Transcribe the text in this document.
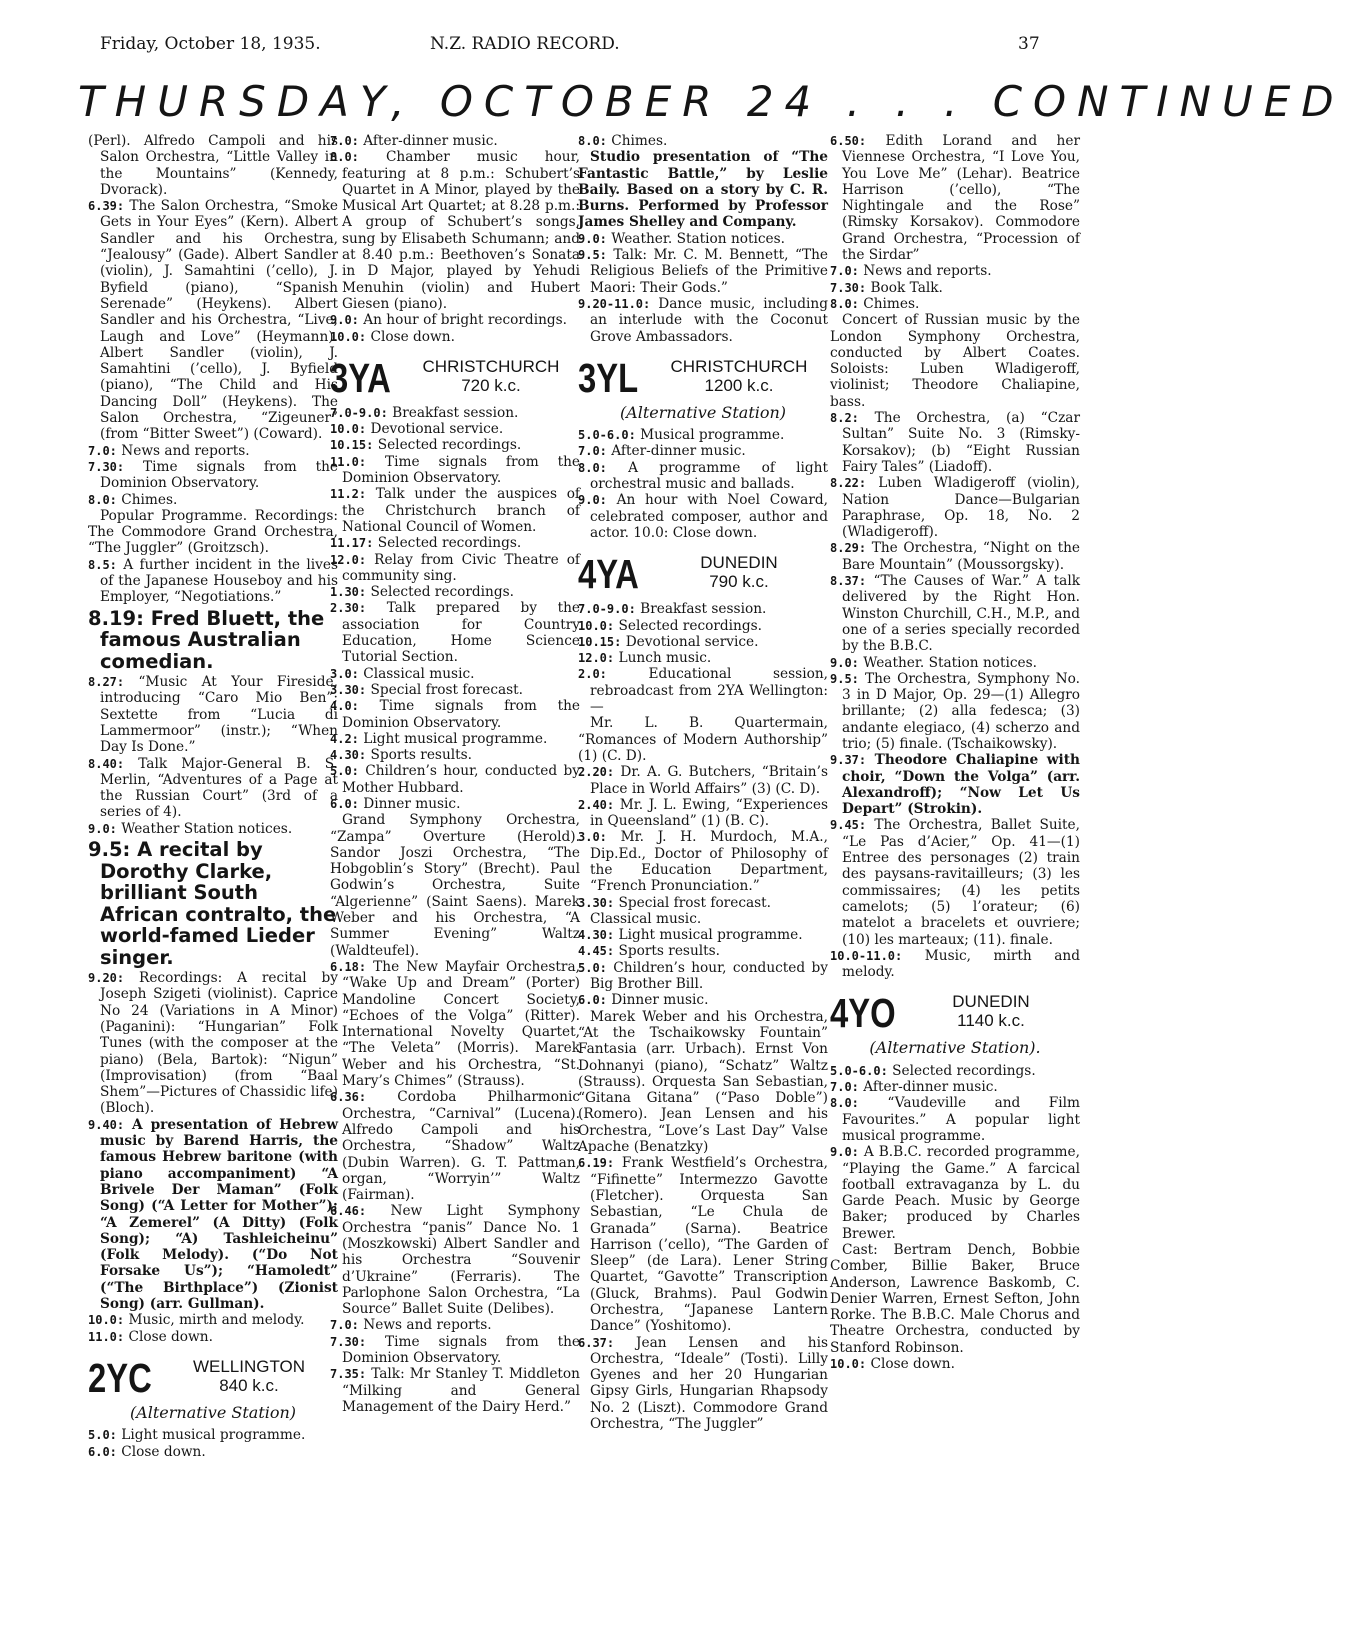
Friday, October 18, 1935.	N.Z. RADIO RECORD.	37
THURSDAY, OCTOBER 24 . . . CONTINUED

(Perl). Alfredo Campoli and his Salon Orchestra, “Little Valley in the Mountains” (Kennedy, Dvorack).

6.39: The Salon Orchestra, “Smoke Gets in Your Eyes” (Kern). Albert Sandler and his Orchestra, “Jealousy” (Gade). Albert Sandler (violin), J. Samahtini (’cello), J. Byfield (piano), “Spanish Serenade” (Heykens). Albert Sandler and his Orchestra, “Live, Laugh and Love” (Heymann). Albert Sandler (violin), J. Samahtini (’cello), J. Byfield (piano), “The Child and His Dancing Doll” (Heykens). The Salon Orchestra, “Zigeuner” (from “Bitter Sweet”) (Coward).

7.0: News and reports.

7.30: Time signals from the Dominion Observatory.

8.0: Chimes.

Popular Programme. Recordings: The Commodore Grand Orchestra, “The Juggler” (Groitzsch).

8.5: A further incident in the lives of the Japanese Houseboy and his Employer, “Negotiations.”

8.19: Fred Bluett, the famous Australian comedian.

8.27: “Music At Your Fireside, introducing “Caro Mio Ben”; Sextette from “Lucia di Lammermoor” (instr.); “When Day Is Done.”

8.40: Talk Major-General B. S. Merlin, “Adventures of a Page at the Russian Court” (3rd of a series of 4).

9.0: Weather Station notices.

9.5: A recital by Dorothy Clarke, brilliant South African contralto, the world-famed Lieder singer.

9.20: Recordings: A recital by Joseph Szigeti (violinist). Caprice No 24 (Variations in A Minor) (Paganini): “Hungarian” Folk Tunes (with the composer at the piano) (Bela, Bartok): “Nigun” (Improvisation) (from “Baal Shem”—Pictures of Chassidic life) (Bloch).

9.40: A presentation of Hebrew music by Barend Harris, the famous Hebrew baritone (with piano accompaniment) “A Brivele Der Maman” (Folk Song) (“A Letter for Mother”); “A Zemerel” (A Ditty) (Folk Song); “A) Tashleicheinu” (Folk Melody). (“Do Not Forsake Us”); “Hamoledt” (“The Birthplace”) (Zionist Song) (arr. Gullman).

10.0: Music, mirth and melody.

11.0: Close down.

2YC	WELLINGTON
840 k.c.

(Alternative Station)

5.0: Light musical programme.

6.0: Close down.

7.0: After-dinner music.

8.0: Chamber music hour, featuring at 8 p.m.: Schubert’s Quartet in A Minor, played by the Musical Art Quartet; at 8.28 p.m.: A group of Schubert’s songs, sung by Elisabeth Schumann; and at 8.40 p.m.: Beethoven’s Sonata in D Major, played by Yehudi Menuhin (violin) and Hubert Giesen (piano).

9.0: An hour of bright recordings.

10.0: Close down.

3YA	CHRISTCHURCH
720 k.c.

7.0-9.0: Breakfast session.

10.0: Devotional service.

10.15: Selected recordings.

11.0: Time signals from the Dominion Observatory.

11.2: Talk under the auspices of the Christchurch branch of National Council of Women.

11.17: Selected recordings.

12.0: Relay from Civic Theatre of community sing.

1.30: Selected recordings.

2.30: Talk prepared by the association for Country Education, Home Science Tutorial Section.

3.0: Classical music.

3.30: Special frost forecast.

4.0: Time signals from the Dominion Observatory.

4.2: Light musical programme.

4.30: Sports results.

5.0: Children’s hour, conducted by Mother Hubbard.

6.0: Dinner music.

Grand Symphony Orchestra, “Zampa” Overture (Herold). Sandor Joszi Orchestra, “The Hobgoblin’s Story” (Brecht). Paul Godwin’s Orchestra, Suite “Algerienne” (Saint Saens). Marek Weber and his Orchestra, “A Summer Evening” Waltz (Waldteufel).

6.18: The New Mayfair Orchestra, “Wake Up and Dream” (Porter) Mandoline Concert Society, “Echoes of the Volga” (Ritter). International Novelty Quartet, “The Veleta” (Morris). Marek Weber and his Orchestra, “St. Mary’s Chimes” (Strauss).

6.36: Cordoba Philharmonic Orchestra, “Carnival” (Lucena). Alfredo Campoli and his Orchestra, “Shadow” Waltz (Dubin Warren). G. T. Pattman, organ, “Worryin’” Waltz (Fairman).

6.46: New Light Symphony Orchestra “panis” Dance No. 1 (Moszkowski) Albert Sandler and his Orchestra “Souvenir d’Ukraine” (Ferraris). The Parlophone Salon Orchestra, “La Source” Ballet Suite (Delibes).

7.0: News and reports.

7.30: Time signals from the Dominion Observatory.

7.35: Talk: Mr Stanley T. Middleton “Milking and General Management of the Dairy Herd.”

8.0: Chimes.

Studio presentation of “The Fantastic Battle,” by Leslie Baily. Based on a story by C. R. Burns. Performed by Professor James Shelley and Company.

9.0: Weather. Station notices.

9.5: Talk: Mr. C. M. Bennett, “The Religious Beliefs of the Primitive Maori: Their Gods.”

9.20-11.0: Dance music, including an interlude with the Coconut Grove Ambassadors.

3YL	CHRISTCHURCH
1200 k.c.

(Alternative Station)

5.0-6.0: Musical programme.

7.0: After-dinner music.

8.0: A programme of light orchestral music and ballads.

9.0: An hour with Noel Coward, celebrated composer, author and actor. 10.0: Close down.

4YA	DUNEDIN
790 k.c.

7.0-9.0: Breakfast session.

10.0: Selected recordings.

10.15: Devotional service.

12.0: Lunch music.

2.0: Educational session, rebroadcast from 2YA Wellington:—

Mr. L. B. Quartermain, “Romances of Modern Authorship” (1) (C. D).

2.20: Dr. A. G. Butchers, “Britain’s Place in World Affairs” (3) (C. D).

2.40: Mr. J. L. Ewing, “Experiences in Queensland” (1) (B. C).

3.0: Mr. J. H. Murdoch, M.A., Dip.Ed., Doctor of Philosophy of the Education Department, “French Pronunciation.”

3.30: Special frost forecast.

Classical music.

4.30: Light musical programme.

4.45: Sports results.

5.0: Children’s hour, conducted by Big Brother Bill.

6.0: Dinner music.

Marek Weber and his Orchestra, “At the Tschaikowsky Fountain” Fantasia (arr. Urbach). Ernst Von Dohnanyi (piano), “Schatz” Waltz (Strauss). Orquesta San Sebastian, “Gitana Gitana” (“Paso Doble”) (Romero). Jean Lensen and his Orchestra, “Love’s Last Day” Valse Apache (Benatzky)

6.19: Frank Westfield’s Orchestra, “Fifinette” Intermezzo Gavotte (Fletcher). Orquesta San Sebastian, “Le Chula de Granada” (Sarna). Beatrice Harrison (’cello), “The Garden of Sleep” (de Lara). Lener String Quartet, “Gavotte” Transcription (Gluck, Brahms). Paul Godwin Orchestra, “Japanese Lantern Dance” (Yoshitomo).

6.37: Jean Lensen and his Orchestra, “Ideale” (Tosti). Lilly Gyenes and her 20 Hungarian Gipsy Girls, Hungarian Rhapsody No. 2 (Liszt). Commodore Grand Orchestra, “The Juggler”

6.50: Edith Lorand and her Viennese Orchestra, “I Love You, You Love Me” (Lehar). Beatrice Harrison (’cello), “The Nightingale and the Rose” (Rimsky Korsakov). Commodore Grand Orchestra, “Procession of the Sirdar”

7.0: News and reports.

7.30: Book Talk.

8.0: Chimes.

Concert of Russian music by the London Symphony Orchestra, conducted by Albert Coates. Soloists: Luben Wladigeroff, violinist; Theodore Chaliapine, bass.

8.2: The Orchestra, (a) “Czar Sultan” Suite No. 3 (Rimsky-Korsakov); (b) “Eight Russian Fairy Tales” (Liadoff).

8.22: Luben Wladigeroff (violin), Nation Dance—Bulgarian Paraphrase, Op. 18, No. 2 (Wladigeroff).

8.29: The Orchestra, “Night on the Bare Mountain” (Moussorgsky).

8.37: “The Causes of War.” A talk delivered by the Right Hon. Winston Churchill, C.H., M.P., and one of a series specially recorded by the B.B.C.

9.0: Weather. Station notices.

9.5: The Orchestra, Symphony No. 3 in D Major, Op. 29—(1) Allegro brillante; (2) alla fedesca; (3) andante elegiaco, (4) scherzo and trio; (5) finale. (Tschaikowsky).

9.37: Theodore Chaliapine with choir, “Down the Volga” (arr. Alexandroff); “Now Let Us Depart” (Strokin).

9.45: The Orchestra, Ballet Suite, “Le Pas d’Acier,” Op. 41—(1) Entree des personages (2) train des paysans-ravitailleurs; (3) les commissaires; (4) les petits camelots; (5) l’orateur; (6) matelot a bracelets et ouvriere; (10) les marteaux; (11). finale.

10.0-11.0: Music, mirth and melody.

4YO	DUNEDIN
1140 k.c.

(Alternative Station).

5.0-6.0: Selected recordings.

7.0: After-dinner music.

8.0: “Vaudeville and Film Favourites.” A popular light musical programme.

9.0: A B.B.C. recorded programme, “Playing the Game.” A farcical football extravaganza by L. du Garde Peach. Music by George Baker; produced by Charles Brewer.

Cast: Bertram Dench, Bobbie Comber, Billie Baker, Bruce Anderson, Lawrence Baskomb, C. Denier Warren, Ernest Sefton, John Rorke. The B.B.C. Male Chorus and Theatre Orchestra, conducted by Stanford Robinson.

10.0: Close down.
